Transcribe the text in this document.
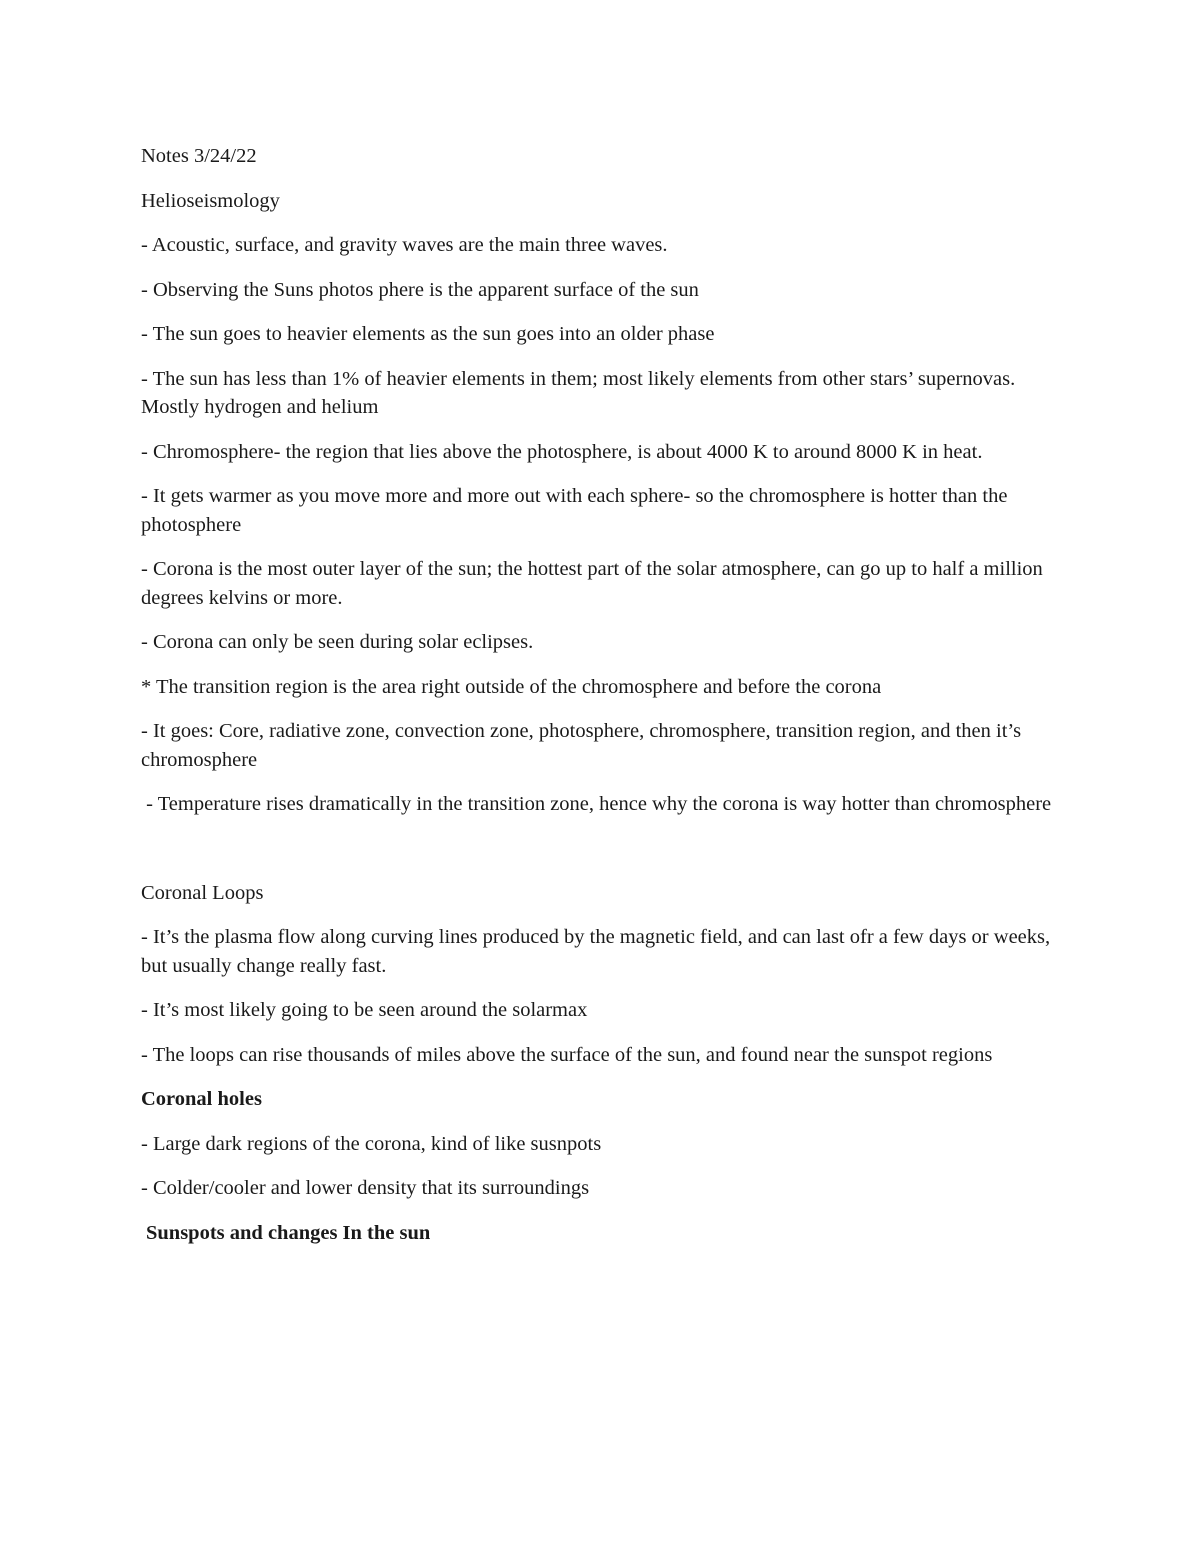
Notes 3/24/22

Helioseismology

- Acoustic, surface, and gravity waves are the main three waves.

- Observing the Suns photos phere is the apparent surface of the sun

- The sun goes to heavier elements as the sun goes into an older phase

- The sun has less than 1% of heavier elements in them; most likely elements from other stars’ supernovas. Mostly hydrogen and helium

- Chromosphere- the region that lies above the photosphere, is about 4000 K to around 8000 K in heat.

- It gets warmer as you move more and more out with each sphere- so the chromosphere is hotter than the photosphere

- Corona is the most outer layer of the sun; the hottest part of the solar atmosphere, can go up to half a million degrees kelvins or more.

- Corona can only be seen during solar eclipses.

* The transition region is the area right outside of the chromosphere and before the corona

- It goes: Core, radiative zone, convection zone, photosphere, chromosphere, transition region, and then it’s chromosphere

- Temperature rises dramatically in the transition zone, hence why the corona is way hotter than chromosphere

Coronal Loops

- It’s the plasma flow along curving lines produced by the magnetic field, and can last ofr a few days or weeks, but usually change really fast.

- It’s most likely going to be seen around the solarmax

- The loops can rise thousands of miles above the surface of the sun, and found near the sunspot regions

Coronal holes

- Large dark regions of the corona, kind of like susnpots

- Colder/cooler and lower density that its surroundings

Sunspots and changes In the sun
